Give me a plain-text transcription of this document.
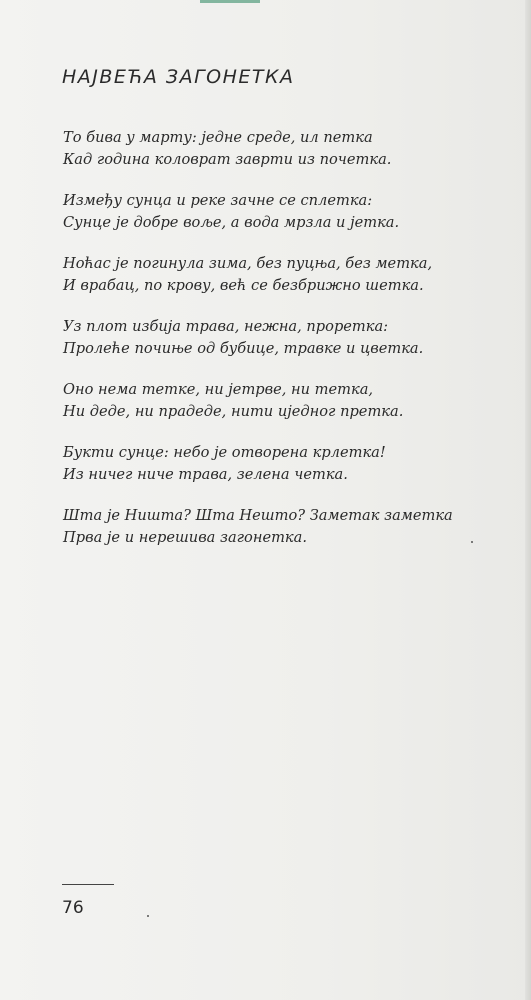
НАЈВЕЋА ЗАГОНЕТКА
То бива у марту: једне среде, ил петка
Кад година коловрат заврти из почетка.
Између сунца и реке зачне се сплетка:
Сунце је добре воље, а вода мрзла и јетка.
Ноћас је погинула зима, без пуцња, без метка,
И врабац, по крову, већ се безбрижно шетка.
Уз плот избија трава, нежна, проретка:
Пролеће почиње од бубице, травке и цветка.
Оно нема тетке, ни јетрве, ни тетка,
Ни деде, ни прадеде, нити иједног претка.
Букти сунце: небо је отворена крлетка!
Из ничег ниче трава, зелена четка.
Шта је Ништа? Шта Нешто? Заметак заметка
Прва је и нерешива загонетка.
76
